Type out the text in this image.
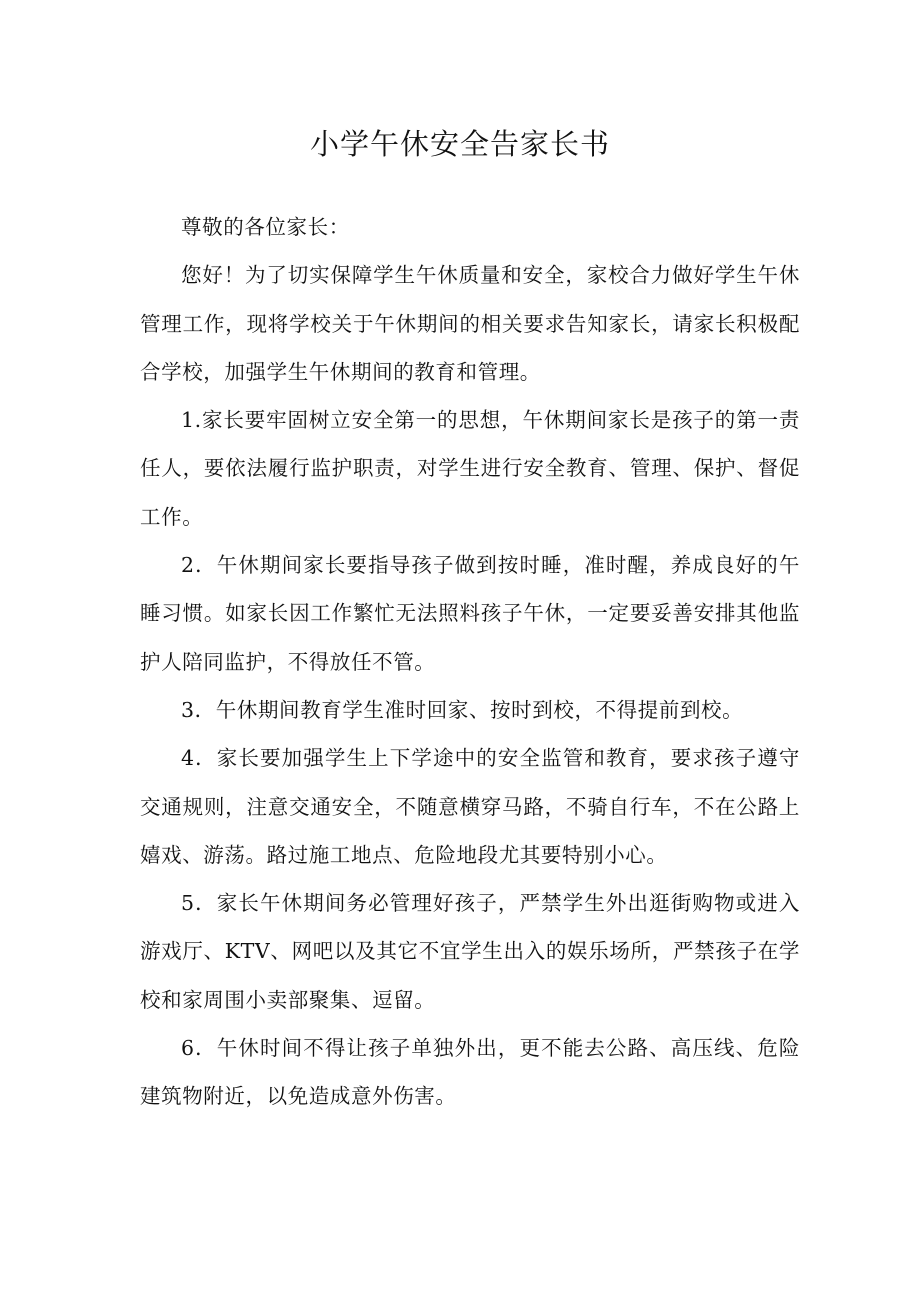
小学午休安全告家长书

尊敬的各位家长：

您好！为了切实保障学生午休质量和安全，家校合力做好学生午休管理工作，现将学校关于午休期间的相关要求告知家长，请家长积极配合学校，加强学生午休期间的教育和管理。

1.家长要牢固树立安全第一的思想，午休期间家长是孩子的第一责任人，要依法履行监护职责，对学生进行安全教育、管理、保护、督促工作。

2．午休期间家长要指导孩子做到按时睡，准时醒，养成良好的午睡习惯。如家长因工作繁忙无法照料孩子午休，一定要妥善安排其他监护人陪同监护，不得放任不管。

3．午休期间教育学生准时回家、按时到校，不得提前到校。

4．家长要加强学生上下学途中的安全监管和教育，要求孩子遵守交通规则，注意交通安全，不随意横穿马路，不骑自行车，不在公路上嬉戏、游荡。路过施工地点、危险地段尤其要特别小心。

5．家长午休期间务必管理好孩子，严禁学生外出逛街购物或进入游戏厅、KTV、网吧以及其它不宜学生出入的娱乐场所，严禁孩子在学校和家周围小卖部聚集、逗留。

6．午休时间不得让孩子单独外出，更不能去公路、高压线、危险建筑物附近，以免造成意外伤害。
